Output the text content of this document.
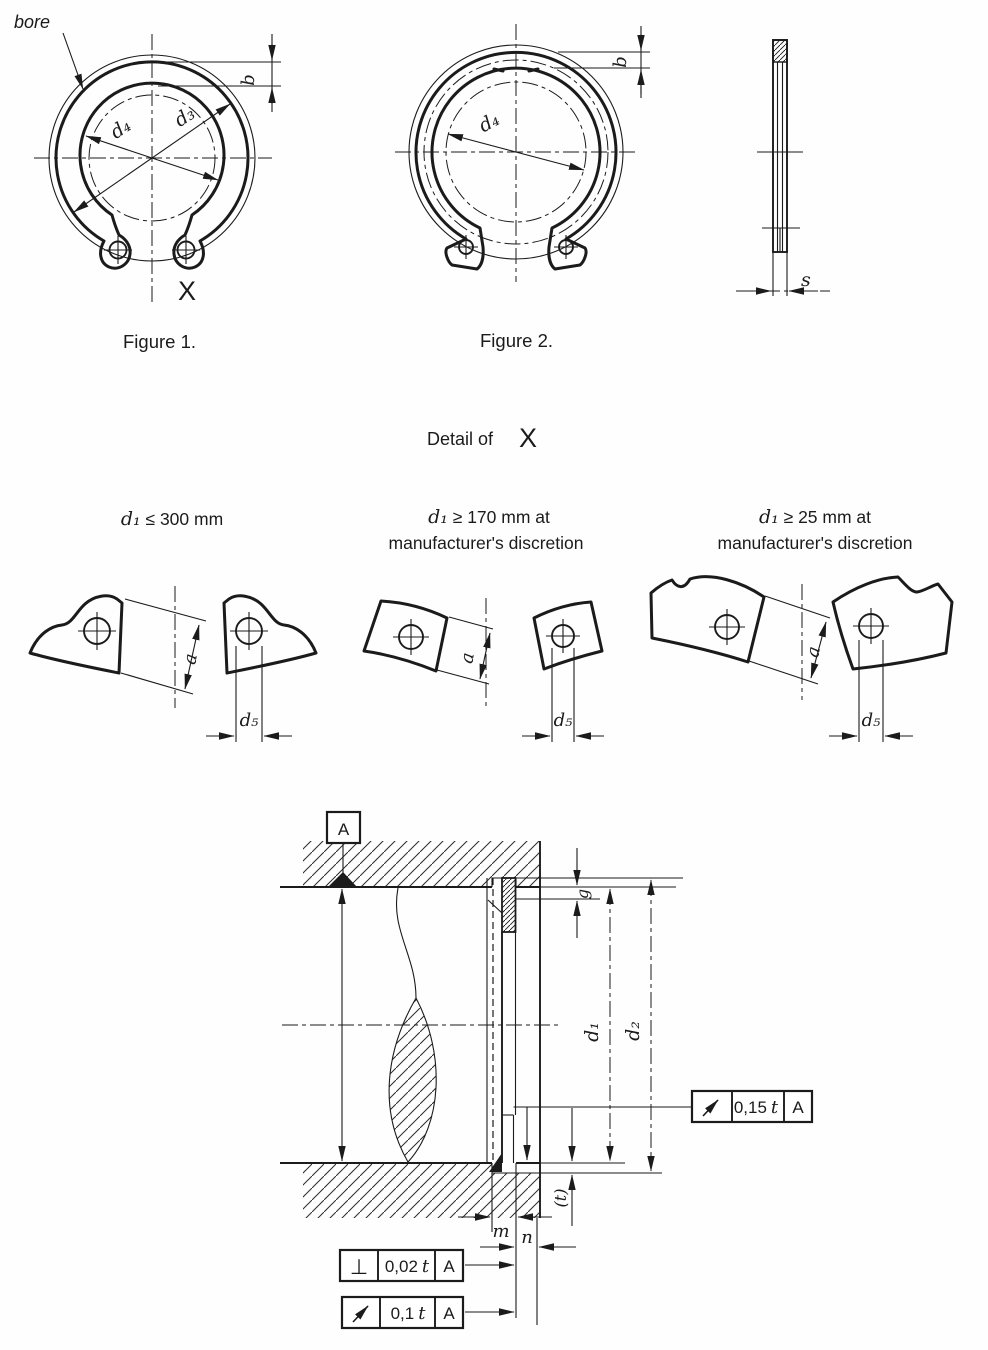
b
d₃
d₄
bore
X
Figure 1.
b
d₄
Figure 2.
s
Detail of X
d₁ ≤ 300 mm	d₁ ≥ 170 mm at
manufacturer's discretion
d₁ ≥ 25 mm at
manufacturer's discretion
a
d₅
a
d₅
a
d₅
A
g
d₁ d₂
(t)
m n
0,15 t A
⊥ 0,02 t A
0,1 t A
